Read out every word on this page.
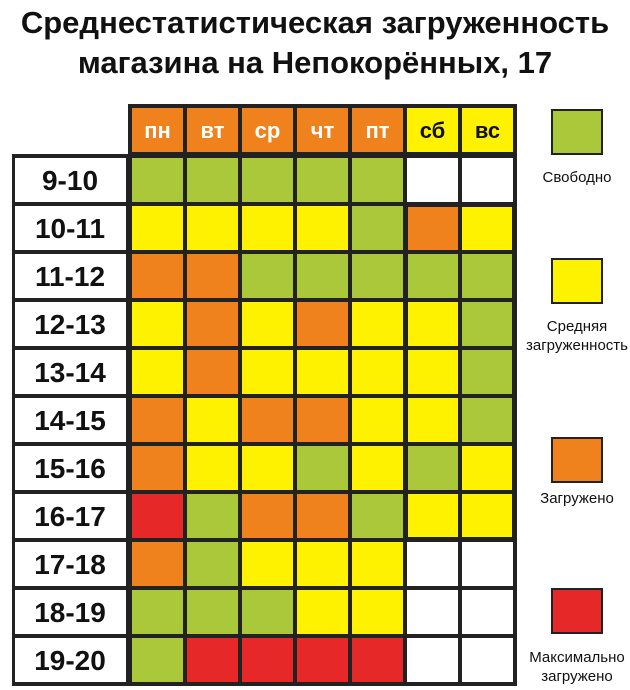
Среднестатистическая загруженность
магазина на Непокорённых, 17
пн вт ср чт пт сб вс
9-10
10-11
11-12
12-13
13-14
14-15
15-16
16-17
17-18
18-19
19-20
Свободно
Средняя загруженность
Загружено
Максимально загружено
